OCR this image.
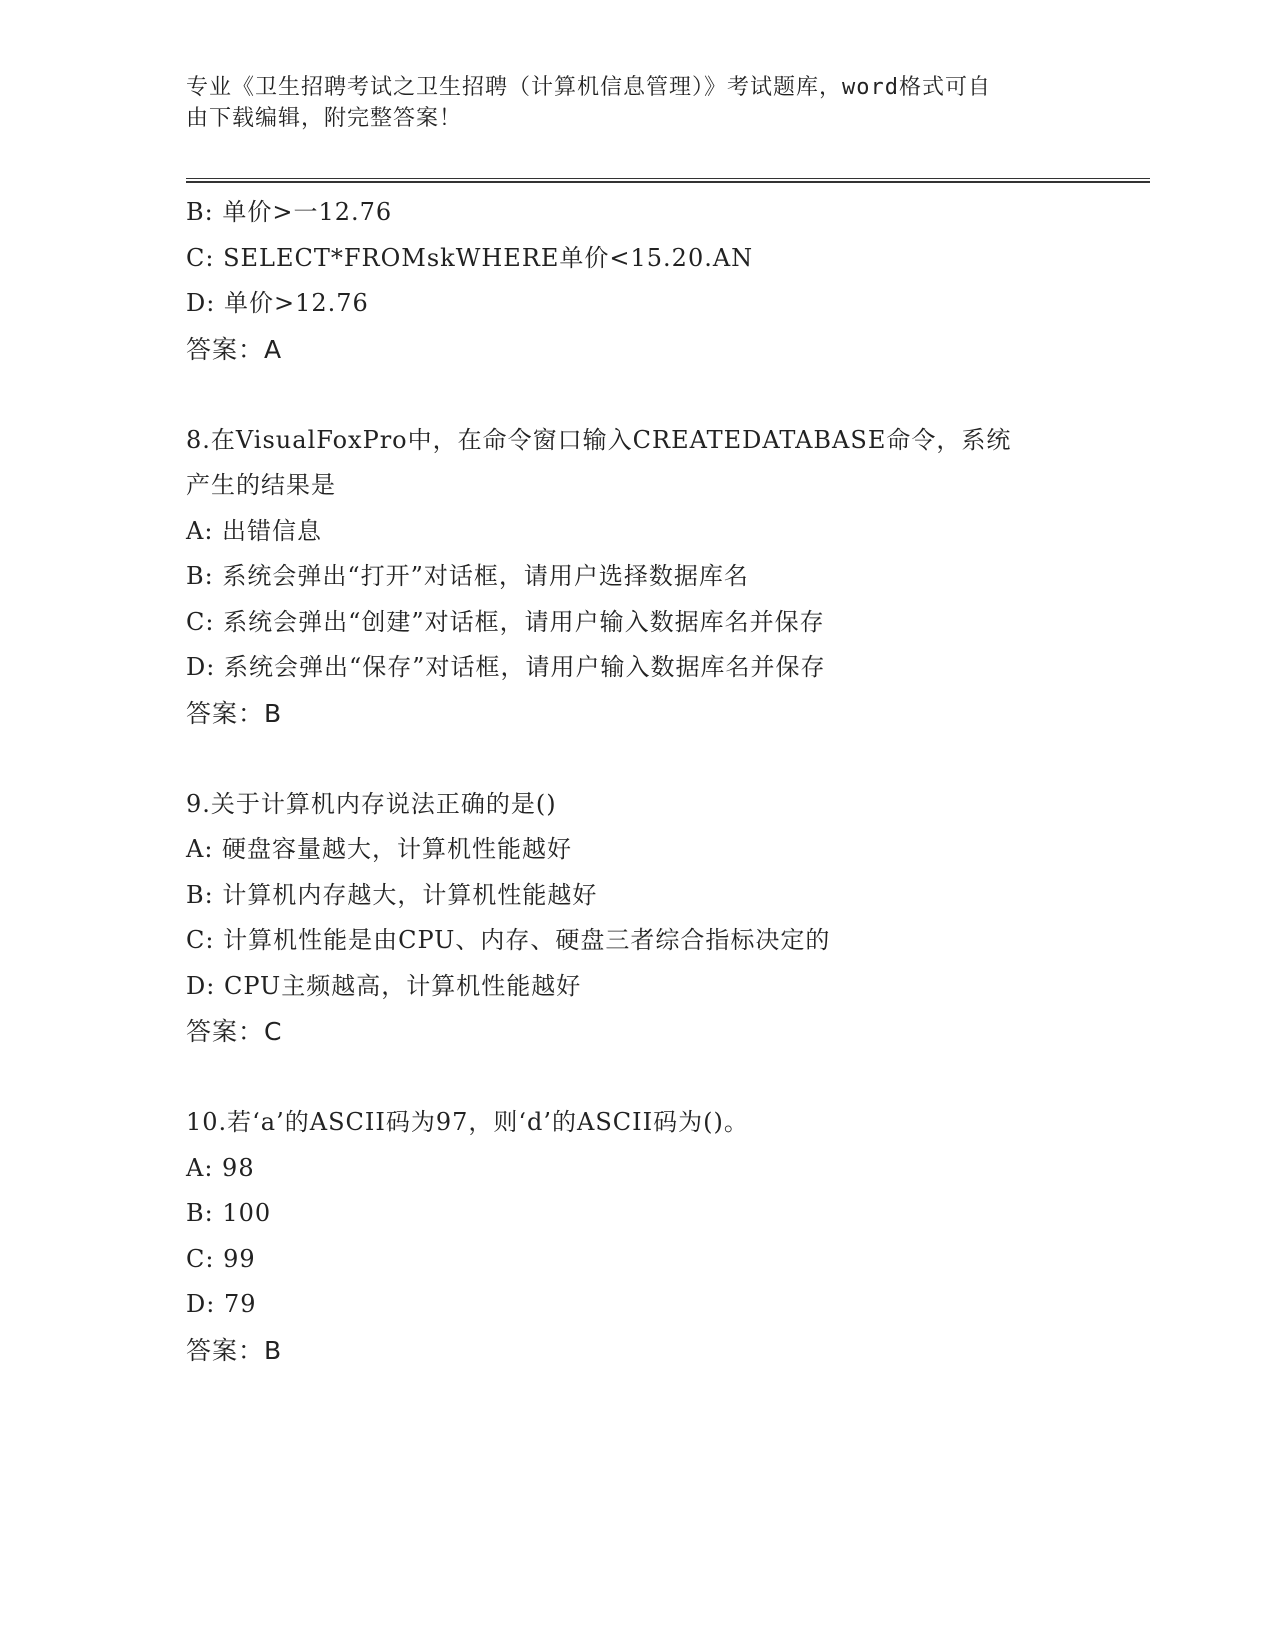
专业《卫生招聘考试之卫生招聘（计算机信息管理）》考试题库，word格式可自
由下载编辑，附完整答案！
B: 单价>一12.76
C: SELECT*FROMskWHERE单价<15.20.AN
D: 单价>12.76
答案：A
8.在VisualFoxPro中，在命令窗口输入CREATEDATABASE命令，系统
产生的结果是
A: 出错信息
B: 系统会弹出“打开”对话框，请用户选择数据库名
C: 系统会弹出“创建”对话框，请用户输入数据库名并保存
D: 系统会弹出“保存”对话框，请用户输入数据库名并保存
答案：B
9.关于计算机内存说法正确的是()
A: 硬盘容量越大，计算机性能越好
B: 计算机内存越大，计算机性能越好
C: 计算机性能是由CPU、内存、硬盘三者综合指标决定的
D: CPU主频越高，计算机性能越好
答案：C
10.若‘a’的ASCII码为97，则‘d’的ASCII码为()。
A: 98
B: 100
C: 99
D: 79
答案：B
